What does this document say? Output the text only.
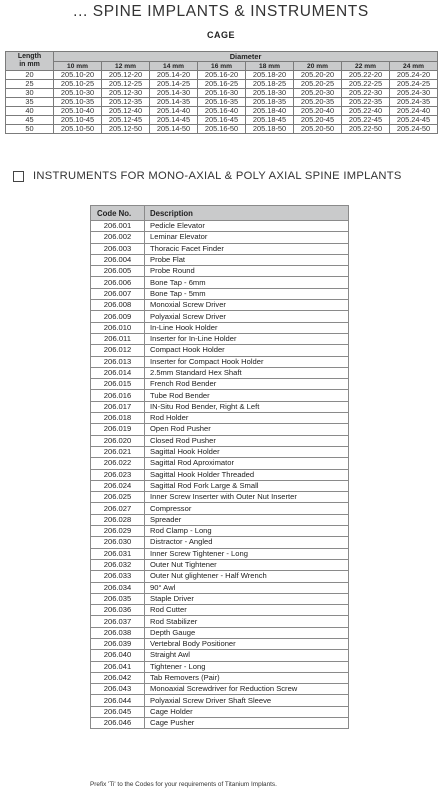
... SPINE IMPLANTS & INSTRUMENTS
CAGE
Length
in mm	Diameter							
	10 mm	12 mm	14 mm	16 mm	18 mm	20 mm	22 mm	24 mm
20	205.10-20	205.12-20	205.14-20	205.16-20	205.18-20	205.20-20	205.22-20	205.24-20
25	205.10-25	205.12-25	205.14-25	205.16-25	205.18-25	205.20-25	205.22-25	205.24-25
30	205.10-30	205.12-30	205.14-30	205.16-30	205.18-30	205.20-30	205.22-30	205.24-30
35	205.10-35	205.12-35	205.14-35	205.16-35	205.18-35	205.20-35	205.22-35	205.24-35
40	205.10-40	205.12-40	205.14-40	205.16-40	205.18-40	205.20-40	205.22-40	205.24-40
45	205.10-45	205.12-45	205.14-45	205.16-45	205.18-45	205.20-45	205.22-45	205.24-45
50	205.10-50	205.12-50	205.14-50	205.16-50	205.18-50	205.20-50	205.22-50	205.24-50
INSTRUMENTS FOR MONO-AXIAL & POLY AXIAL SPINE IMPLANTS
Code No.	Description
206.001	Pedicle Elevator
206.002	Leminar Elevator
206.003	Thoracic Facet Finder
206.004	Probe Flat
206.005	Probe Round
206.006	Bone Tap - 6mm
206.007	Bone Tap - 5mm
206.008	Monoxial Screw Driver
206.009	Polyaxial Screw Driver
206.010	In-Line Hook Holder
206.011	Inserter for In-Line Holder
206.012	Compact Hook Holder
206.013	Inserter for Compact Hook Holder
206.014	2.5mm Standard Hex Shaft
206.015	French Rod Bender
206.016	Tube Rod Bender
206.017	IN-Situ Rod Bender, Right & Left
206.018	Rod Holder
206.019	Open Rod Pusher
206.020	Closed Rod Pusher
206.021	Sagittal Hook Holder
206.022	Sagittal Rod Aproximator
206.023	Sagittal Hook Holder Threaded
206.024	Sagittal Rod Fork Large & Small
206.025	Inner Screw Inserter with Outer Nut Inserter
206.027	Compressor
206.028	Spreader
206.029	Rod Clamp - Long
206.030	Distractor - Angled
206.031	Inner Screw Tightener - Long
206.032	Outer Nut Tightener
206.033	Outer Nut glightener - Half Wrench
206.034	90° Awl
206.035	Staple Driver
206.036	Rod Cutter
206.037	Rod Stabilizer
206.038	Depth Gauge
206.039	Vertebral Body Positioner
206.040	Straight Awl
206.041	Tightener - Long
206.042	Tab Removers (Pair)
206.043	Monoaxial Screwdriver for Reduction Screw
206.044	Polyaxial Screw Driver Shaft Sleeve
206.045	Cage Holder
206.046	Cage Pusher
Prefix 'Ti' to the Codes for your requirements of Titanium Implants.
